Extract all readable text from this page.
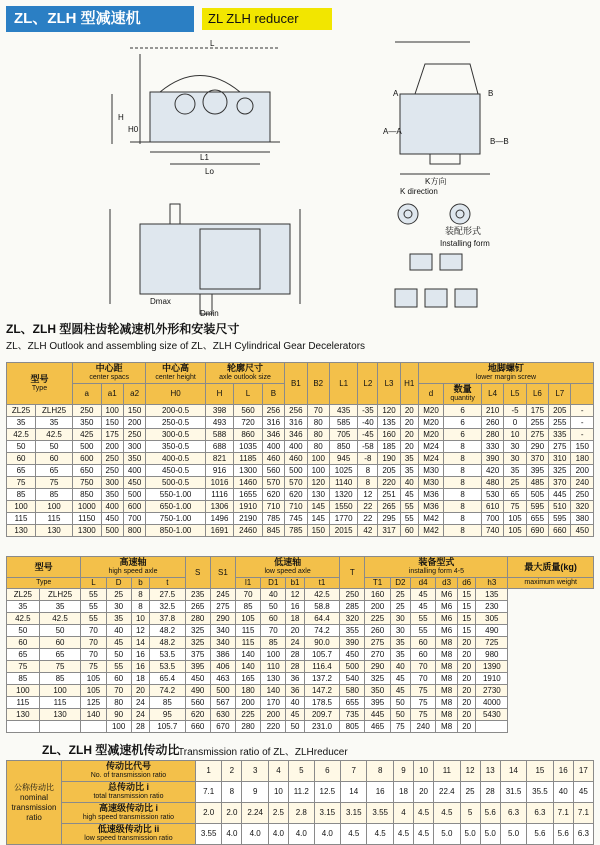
ZL、ZLH 型减速机	ZL ZLH reducer
L
L1
H
H0
Lo
A	B
K方向
A—A
B—B
K direction
装配形式
Installing form
Dmin
Dmax
ZL、ZLH 型圆柱齿轮减速机外形和安装尺寸
ZL、ZLH Outlook and assembling size of ZL、ZLH Cylindrical Gear Decelerators
型号
Type		中心距
center spacs			中心高
center height	轮廓尺寸
axle outlook size			B1	B2	L1	L2	L3	H1	地脚螺钉
lower margin screw						

		a	a1	a2	H0	H	L	B							d	数量
quantity	L4	L5	L6	L7	
ZL25	ZLH25	250	100	150	200-0.5	398	560	256	256	70	435	-35	120	20	M20	6	210	-5	175	205	-
35	35	350	150	200	250-0.5	493	720	316	316	80	585	-40	135	20	M20	6	260	0	255	255	-
42.5	42.5	425	175	250	300-0.5	588	860	346	346	80	705	-45	160	20	M20	6	280	10	275	335	-
50	50	500	200	300	350-0.5	688	1035	400	400	80	850	-58	185	20	M24	8	330	30	290	275	150
60	60	600	250	350	400-0.5	821	1185	460	460	100	945	-8	190	35	M24	8	390	30	370	310	180
65	65	650	250	400	450-0.5	916	1300	560	500	100	1025	8	205	35	M30	8	420	35	395	325	200
75	75	750	300	450	500-0.5	1016	1460	570	570	120	1140	8	220	40	M30	8	480	25	485	370	240
85	85	850	350	500	550-1.00	1116	1655	620	620	130	1320	12	251	45	M36	8	530	65	505	445	250
100	100	1000	400	600	650-1.00	1306	1910	710	710	145	1550	22	265	55	M36	8	610	75	595	510	320
115	115	1150	450	700	750-1.00	1496	2190	785	745	145	1770	22	295	55	M42	8	700	105	655	595	380
130	130	1300	500	800	850-1.00	1691	2460	845	785	150	2015	42	317	60	M42	8	740	105	690	660	450
型号		高速轴
high speed axle				S	S1	低速轴
low speed axle				T	装备型式
installing form 4-5						最大质量(kg)

Type		L	D	b	t			l1	D1	b1	t1		T1	D2	d4	d3	d6	h3	maximum weight

ZL25	ZLH25	55	25	8	27.5	235	245	70	40	12	42.5	250	160	25	45	M6	15	135	
35	35	55	30	8	32.5	265	275	85	50	16	58.8	285	200	25	45	M6	15	230	
42.5	42.5	55	35	10	37.8	280	290	105	60	18	64.4	320	225	30	55	M6	15	305	
50	50	70	40	12	48.2	325	340	115	70	20	74.2	355	260	30	55	M6	15	490	
60	60	70	45	14	48.2	325	340	115	85	24	90.0	390	275	35	60	M8	20	725	
65	65	70	50	16	53.5	375	386	140	100	28	105.7	450	270	35	60	M8	20	980	
75	75	75	55	16	53.5	395	406	140	110	28	116.4	500	290	40	70	M8	20	1390	
85	85	105	60	18	65.4	450	463	165	130	36	137.2	540	325	45	70	M8	20	1910	
100	100	105	70	20	74.2	490	500	180	140	36	147.2	580	350	45	75	M8	20	2730	
115	115	125	80	24	85	560	567	200	170	40	178.5	655	395	50	75	M8	20	4000	
130	130	140	90	24	95	620	630	225	200	45	209.7	735	445	50	75	M8	20	5430	
			100	28	105.7	660	670	280	220	50	231.0	805	465	75	240	M8	20		
ZL、ZLH 型减速机传动比
Transmission ratio of ZL、ZLHreducer
公称传动比 nominal transmission ratio	传动比代号
No. of transmission ratio	1	2	3	4	5	6	7	8	9	10	11	12	13	14	15	16	17

	总传动比 i
total transmission ratio	7.1	8	9	10	11.2	12.5	14	16	18	20	22.4	25	28	31.5	35.5	40	45

	高速级传动比 i
high speed transmission ratio	2.0	2.0	2.24	2.5	2.8	3.15	3.15	3.55	4	4.5	4.5	5	5.6	6.3	6.3	7.1	7.1

	低速级传动比 ii
low speed transmission ratio	3.55	4.0	4.0	4.0	4.0	4.0	4.5	4.5	4.5	4.5	5.0	5.0	5.0	5.0	5.6	5.6	6.3
